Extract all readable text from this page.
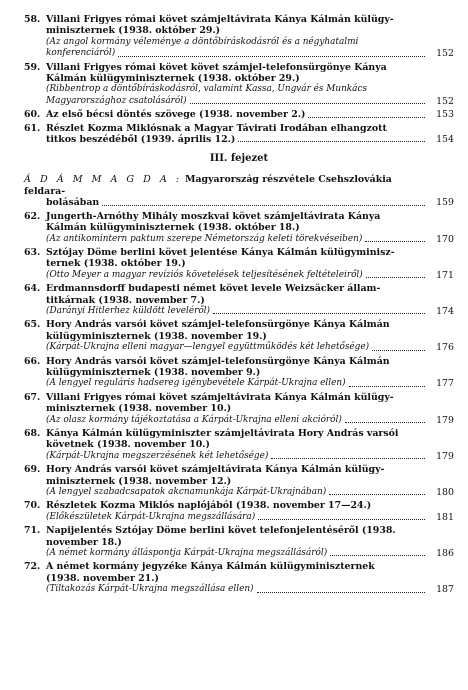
58. Villani Frigyes római követ számjeltávirata Kánya Kálmán külügy-
miniszternek (1938. október 29.)
(Az angol kormány véleménye a döntőbíráskodásról és a négyhatalmi
konferenciáról)	152
59. Villani Frigyes római követ követ számjel-telefonsürgönye Kánya
Kálmán külügyminiszternek (1938. október 29.)
(Ribbentrop a döntőbíráskodásról, valamint Kassa, Ungvár és Munkács
Magyarországhoz csatolásáról)	152
60. Az első bécsi döntés szövege (1938. november 2.)	153
61. Részlet Kozma Miklósnak a Magyar Távirati Irodában elhangzott
titkos beszédéből (1939. április 12.)	154
III. fejezet
Á D Á M M A G D A : Magyarország részvétele Csehszlovákia feldara-
bolásában	159
62. Jungerth-Arnóthy Mihály moszkvai követ számjeltávirata Kánya
Kálmán külügyminiszternek (1938. október 18.)
(Az antikomintern paktum szerepe Németország keleti törekvéseiben)	170
63. Sztójay Döme berlini követ jelentése Kánya Kálmán külügyminisz-
ternek (1938. október 19.)
(Otto Meyer a magyar revíziós követelések teljesítésének feltételeiről)	171
64. Erdmannsdorff budapesti német követ levele Weizsäcker állam-
titkárnak (1938. november 7.)
(Darányi Hitlerhez küldött leveléről)	174
65. Hory András varsói követ számjel-telefonsürgönye Kánya Kálmán
külügyminiszternek (1938. november 19.)
(Kárpát-Ukrajna elleni magyar—lengyel együttműködés két lehetősége)	176
66. Hory András varsói követ számjel-telefonsürgönye Kánya Kálmán
külügyminiszternek (1938. november 9.)
(A lengyel reguláris hadsereg igénybevétele Kárpát-Ukrajna ellen)	177
67. Villani Frigyes római követ számjeltávirata Kánya Kálmán külügy-
miniszternek (1938. november 10.)
(Az olasz kormány tájékoztatása a Kárpát-Ukrajna elleni akcióról)	179
68. Kánya Kálmán külügyminiszter számjeltávirata Hory András varsói
követnek (1938. november 10.)
(Kárpát-Ukrajna megszerzésének két lehetősége)	179
69. Hory András varsói követ számjeltávirata Kánya Kálmán külügy-
miniszternek (1938. november 12.)
(A lengyel szabadcsapatok akcnamunkája Kárpát-Ukrajnában)	180
70. Részletek Kozma Miklós naplójából (1938. november 17—24.)
(Előkészületek Kárpát-Ukrajna megszállására)	181
71. Napijelentés Sztójay Döme berlini követ telefonjelentéséről (1938.
november 18.)
(A német kormány álláspontja Kárpát-Ukrajna megszállásáról)	186
72. A német kormány jegyzéke Kánya Kálmán külügyminiszternek
(1938. november 21.)
(Tiltakozás Kárpát-Ukrajna megszállása ellen)	187
